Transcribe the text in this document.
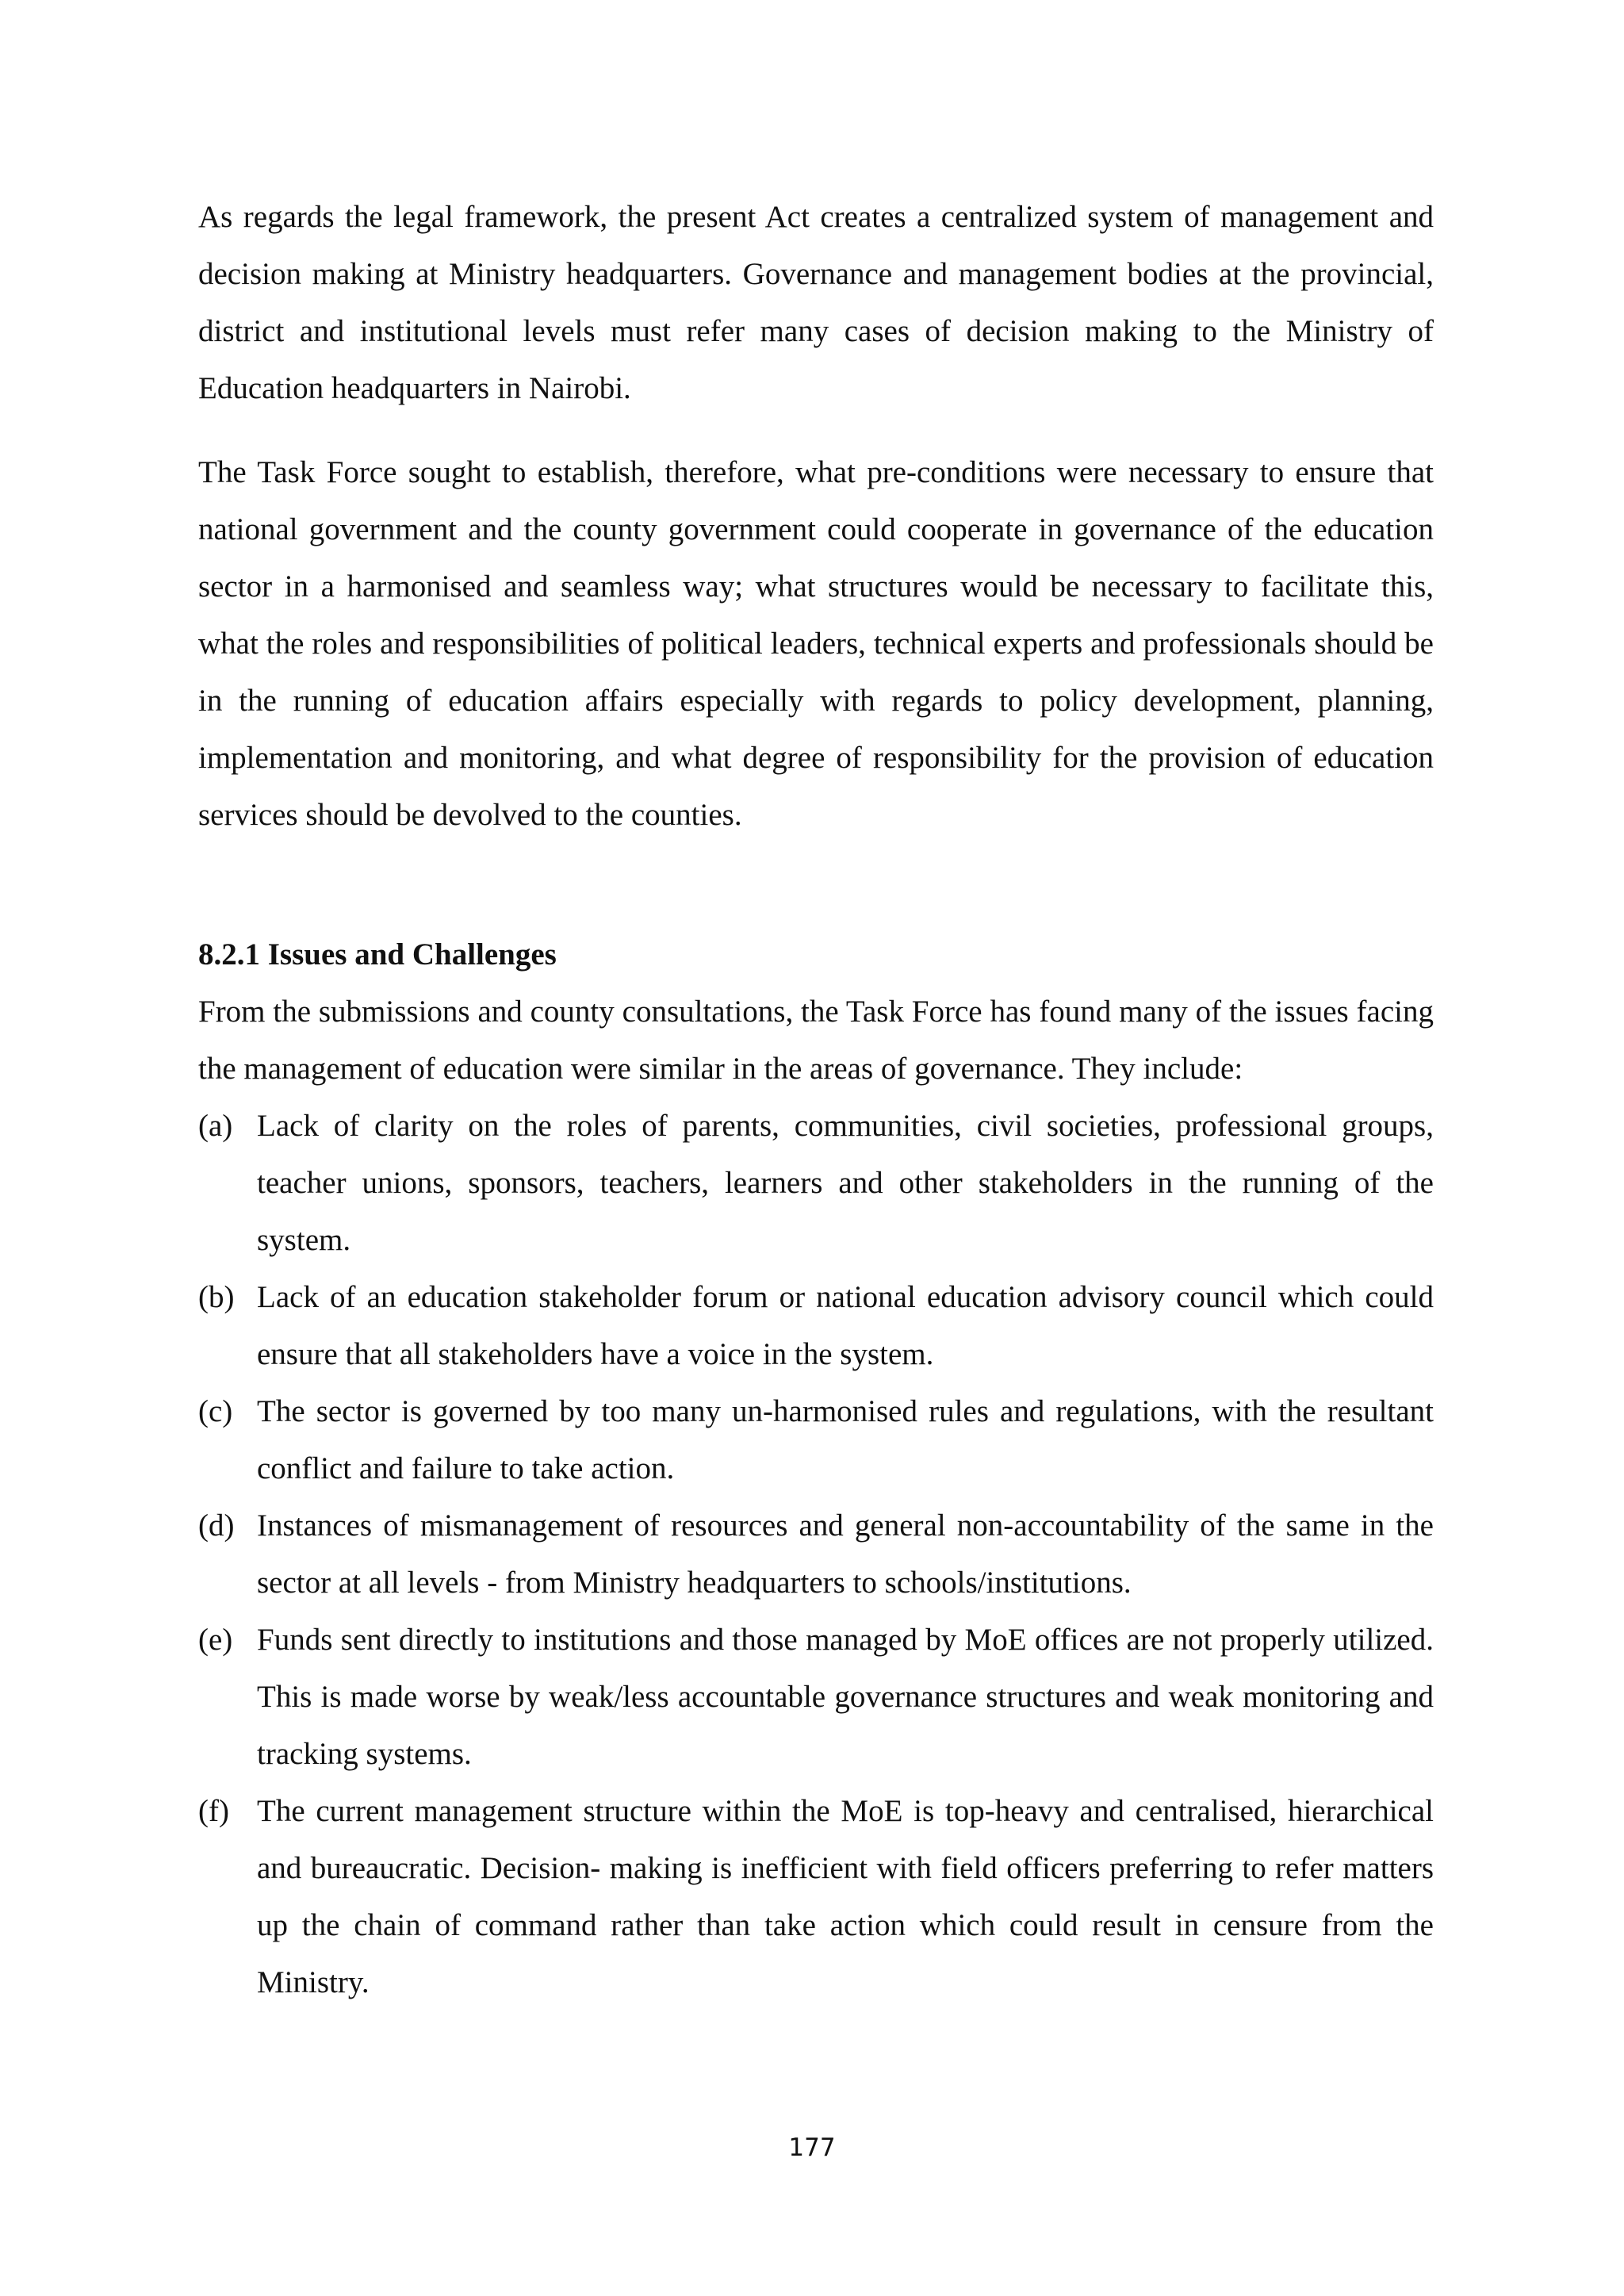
As regards the legal framework, the present Act creates a centralized system of management and decision making at Ministry headquarters. Governance and management bodies at the provincial, district and institutional levels must refer many cases of decision making to the Ministry of Education headquarters in Nairobi.

The Task Force sought to establish, therefore, what pre-conditions were necessary to ensure that national government and the county government could cooperate in governance of the education sector in a harmonised and seamless way; what structures would be necessary to facilitate this, what the roles and responsibilities of political leaders, technical experts and professionals should be in the running of education affairs especially with regards to policy development, planning, implementation and monitoring, and what degree of responsibility for the provision of education services should be devolved to the counties.

8.2.1 Issues and Challenges

From the submissions and county consultations, the Task Force has found many of the issues facing the management of education were similar in the areas of governance. They include:

(a) Lack of clarity on the roles of parents, communities, civil societies, professional groups, teacher unions, sponsors, teachers, learners and other stakeholders in the running of the system.
(b) Lack of an education stakeholder forum or national education advisory council which could ensure that all stakeholders have a voice in the system.
(c) The sector is governed by too many un-harmonised rules and regulations, with the resultant conflict and failure to take action.
(d) Instances of mismanagement of resources and general non-accountability of the same in the sector at all levels - from Ministry headquarters to schools/institutions.
(e) Funds sent directly to institutions and those managed by MoE offices are not properly utilized. This is made worse by weak/less accountable governance structures and weak monitoring and tracking systems.
(f) The current management structure within the MoE is top-heavy and centralised, hierarchical and bureaucratic. Decision- making is inefficient with field officers preferring to refer matters up the chain of command rather than take action which could result in censure from the Ministry.
177
